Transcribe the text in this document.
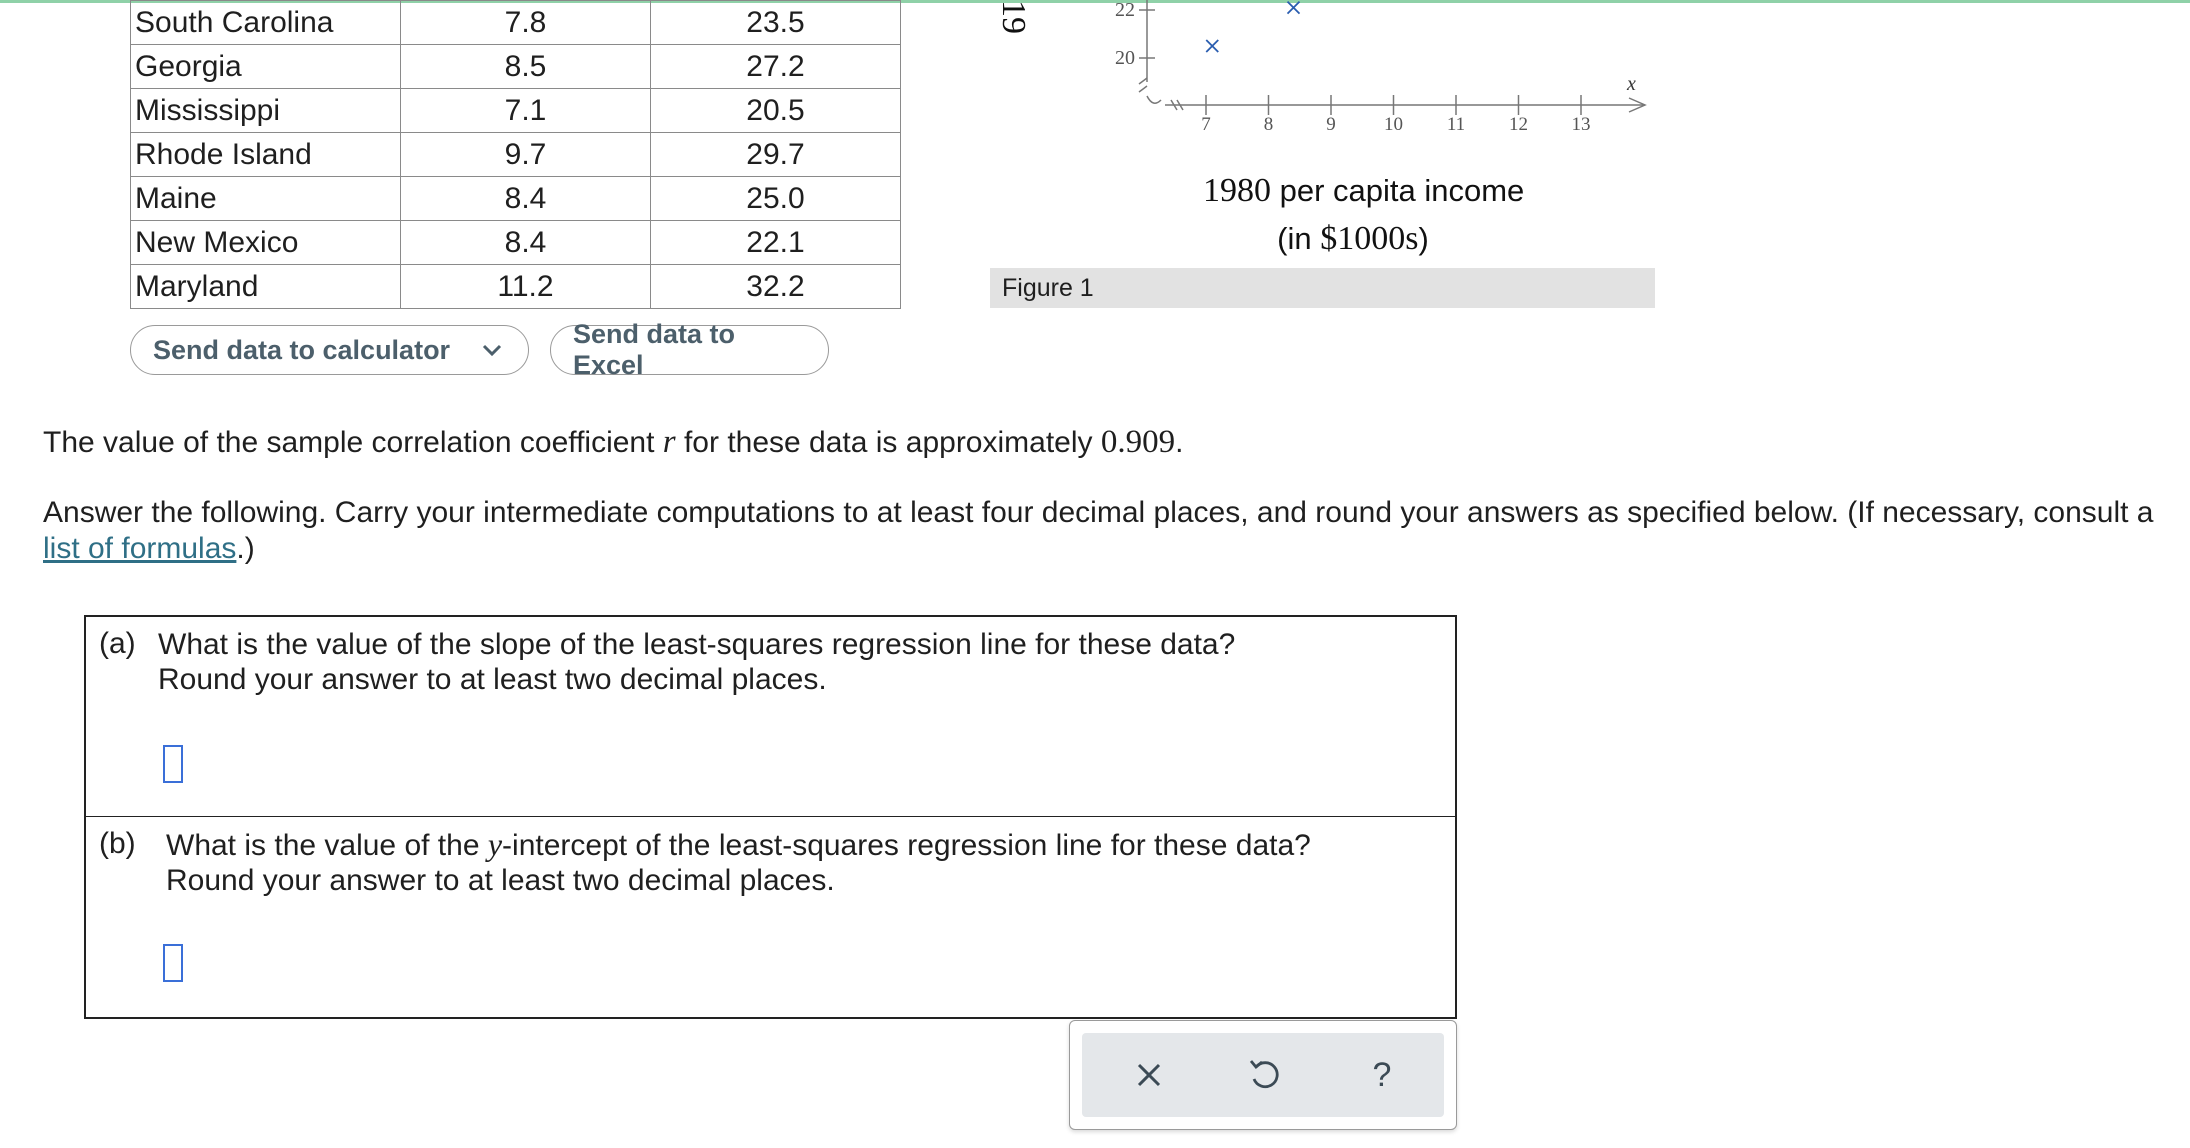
South Carolina	7.8	23.5
Georgia	8.5	27.2
Mississippi	7.1	20.5
Rhode Island	9.7	29.7
Maine	8.4	25.0
New Mexico	8.4	22.1
Maryland	11.2	32.2
Send data to calculator
Send data to Excel
19
x
20
22
7	8	9	10 11 12 13
1980 per capita income
(in $1000s)
Figure 1
The value of the sample correlation coefficient r for these data is approximately 0.909.
Answer the following. Carry your intermediate computations to at least four decimal places, and round your answers as specified below. (If necessary, consult a list of formulas.)
(a) What is the value of the slope of the least-squares regression line for these data?
Round your answer to at least two decimal places.
(b) What is the value of the y-intercept of the least-squares regression line for these data?
Round your answer to at least two decimal places.
?
